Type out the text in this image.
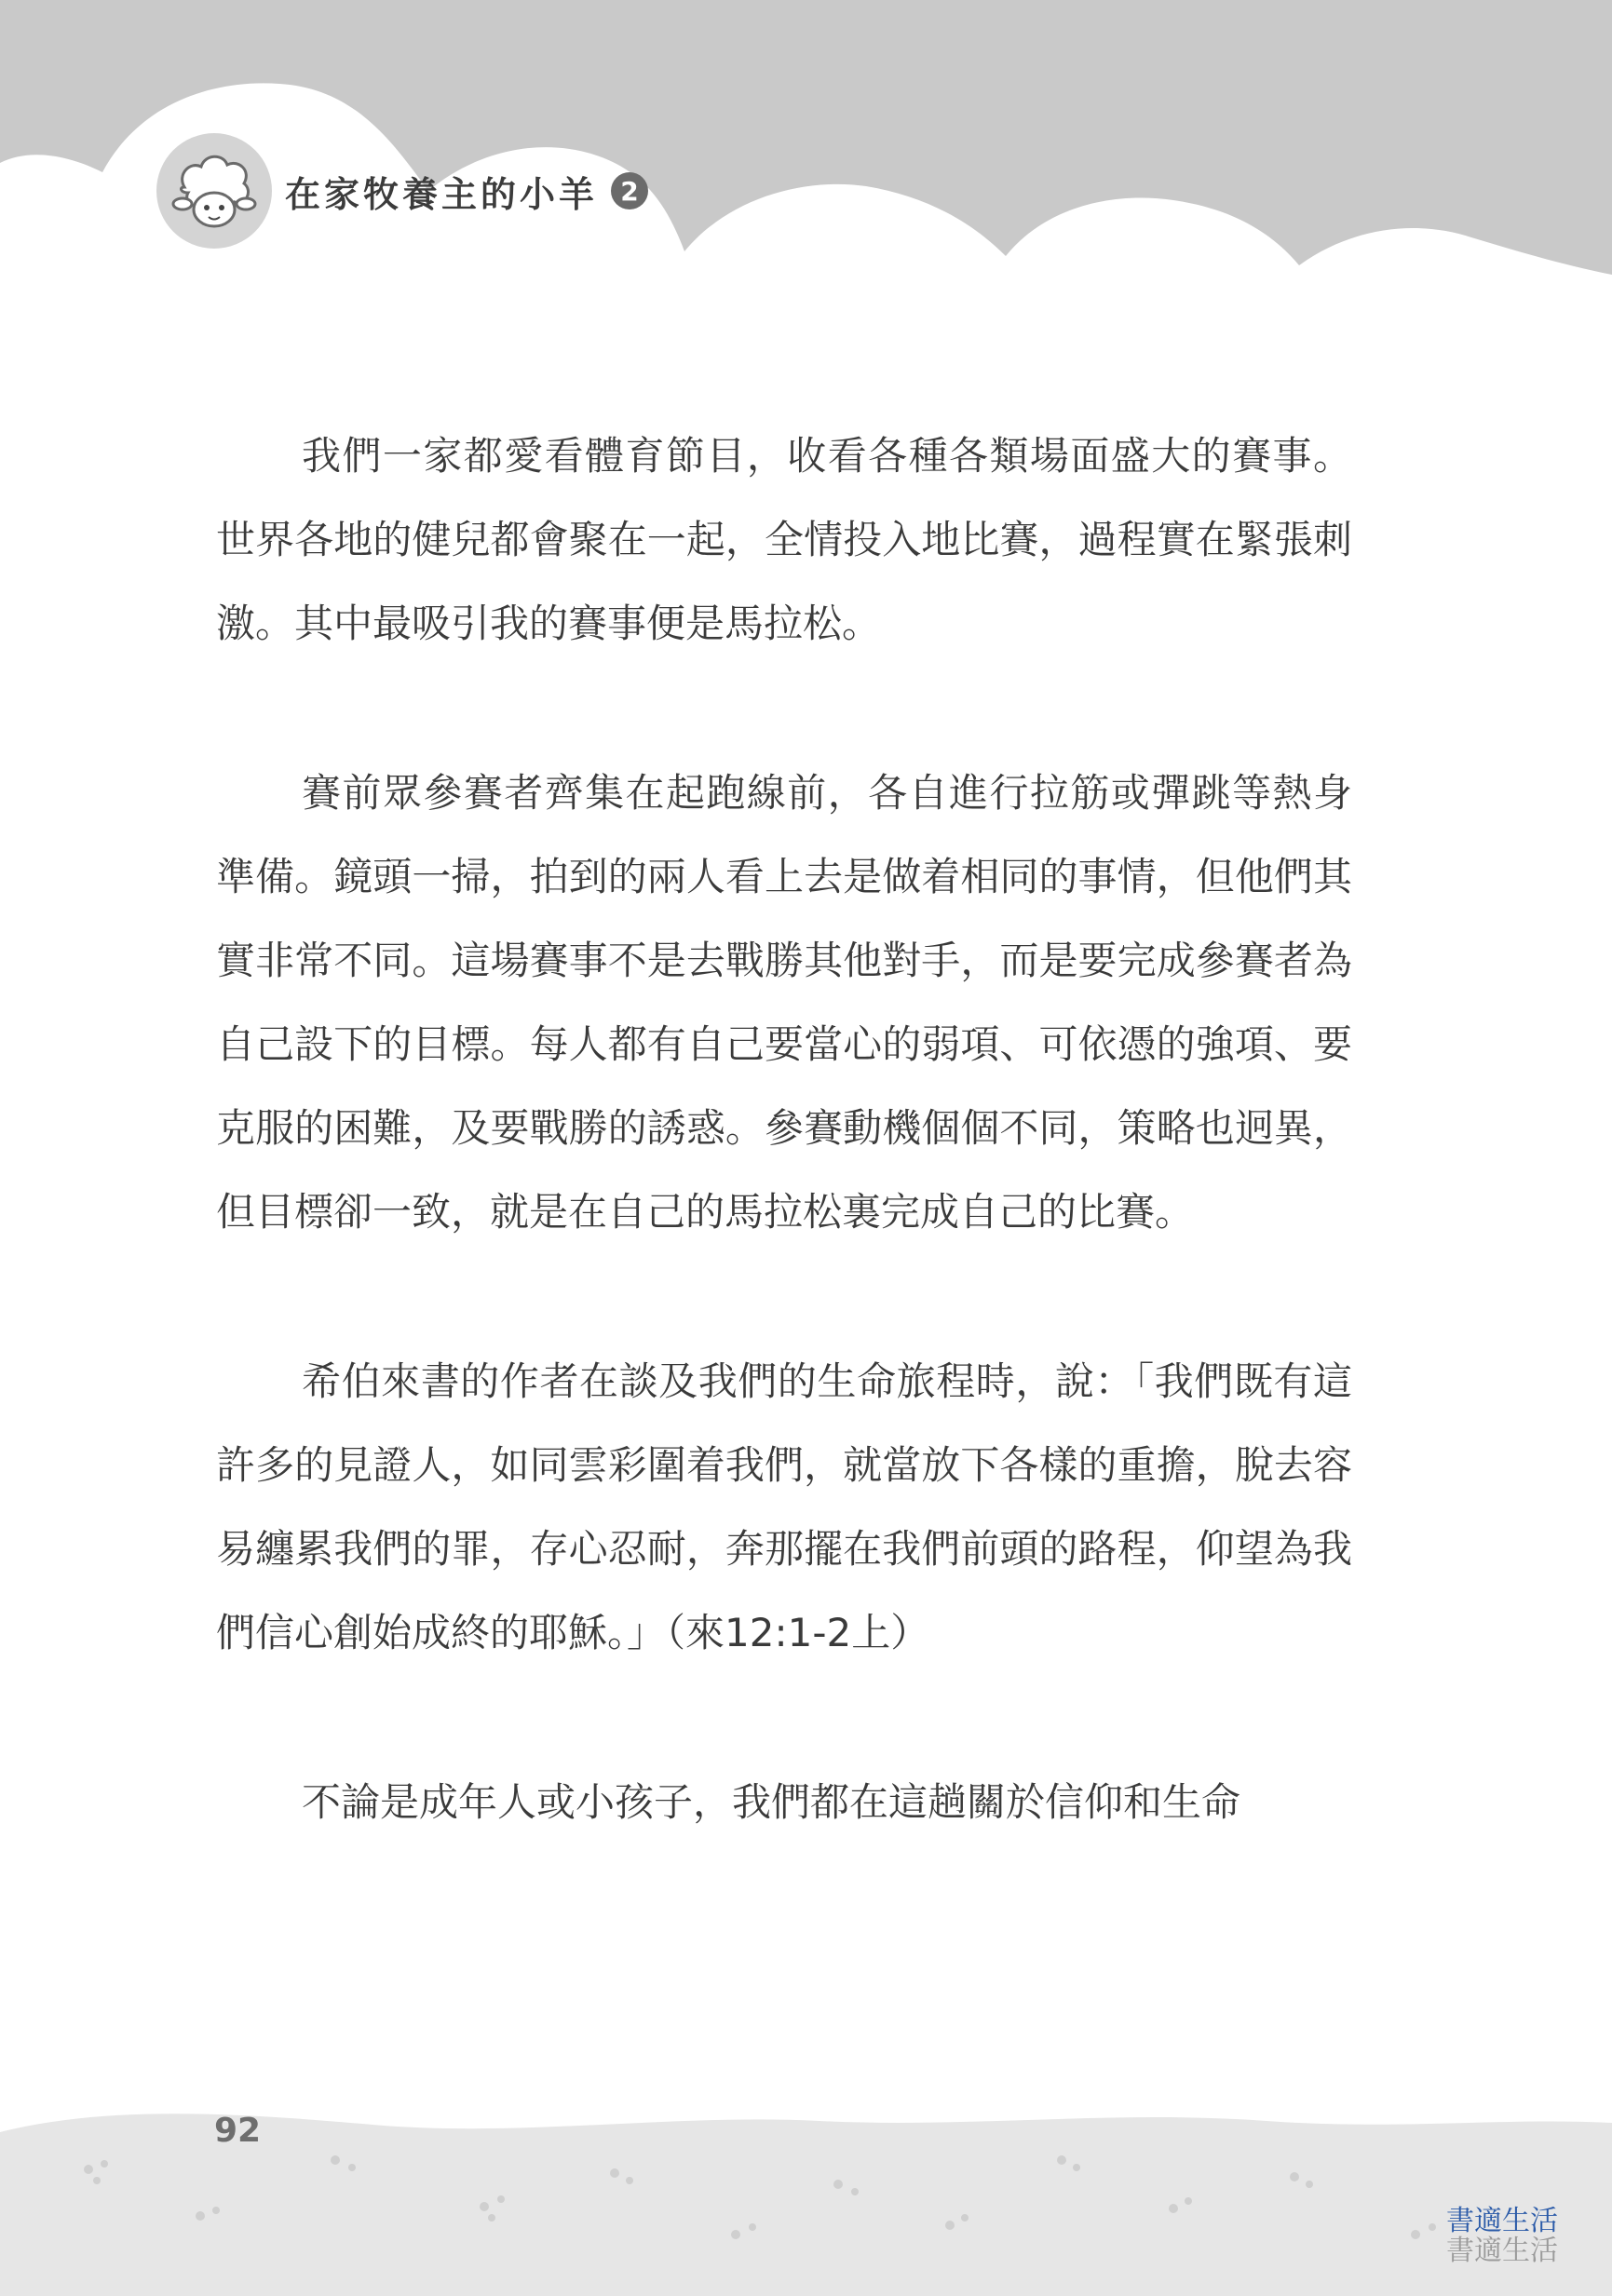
在家牧養主的小羊 2

我們一家都愛看體育節目，收看各種各類場面盛大的賽事。世界各地的健兒都會聚在一起，全情投入地比賽，過程實在緊張刺激。其中最吸引我的賽事便是馬拉松。

賽前眾參賽者齊集在起跑線前，各自進行拉筋或彈跳等熱身準備。鏡頭一掃，拍到的兩人看上去是做着相同的事情，但他們其實非常不同。這場賽事不是去戰勝其他對手，而是要完成參賽者為自己設下的目標。每人都有自己要當心的弱項、可依憑的強項、要克服的困難，及要戰勝的誘惑。參賽動機個個不同，策略也迥異，但目標卻一致，就是在自己的馬拉松裏完成自己的比賽。

希伯來書的作者在談及我們的生命旅程時，說：「我們既有這許多的見證人，如同雲彩圍着我們，就當放下各樣的重擔，脫去容易纏累我們的罪，存心忍耐，奔那擺在我們前頭的路程，仰望為我們信心創始成終的耶穌。」（來12:1-2上）

不論是成年人或小孩子，我們都在這趟關於信仰和生命

92
書適生活
書適生活
